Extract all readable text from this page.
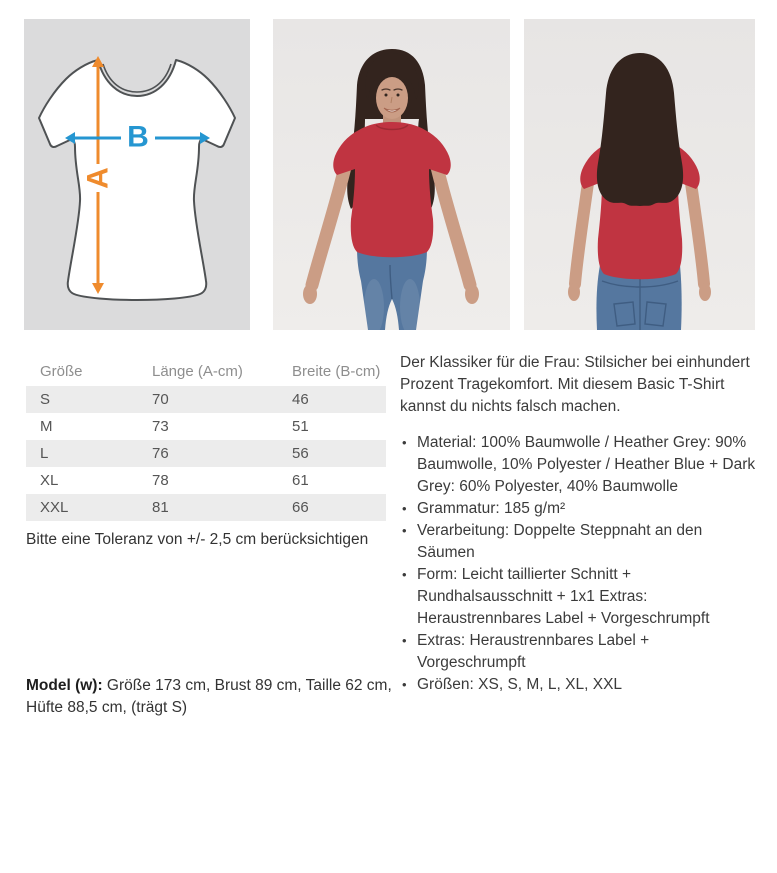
A
B
Größe	Länge (A-cm)	Breite (B-cm)
S	70	46
M	73	51
L	76	56
XL	78	61
XXL	81	66
Bitte eine Toleranz von +/- 2,5 cm berücksichtigen
Model (w): Größe 173 cm, Brust 89 cm, Taille 62 cm, Hüfte 88,5 cm, (trägt S)

Der Klassiker für die Frau: Stilsicher bei einhundert Prozent Tragekomfort. Mit diesem Basic T-Shirt kannst du nichts falsch machen.

• Material: 100% Baumwolle / Heather Grey: 90% Baumwolle, 10% Polyester / Heather Blue + Dark Grey: 60% Polyester, 40% Baumwolle
• Grammatur: 185 g/m²
• Verarbeitung: Doppelte Steppnaht an den Säumen
• Form: Leicht taillierter Schnitt + Rundhalsausschnitt + 1x1 Extras: Heraustrennbares Label + Vorgeschrumpft
• Extras: Heraustrennbares Label + Vorgeschrumpft
• Größen: XS, S, M, L, XL, XXL
